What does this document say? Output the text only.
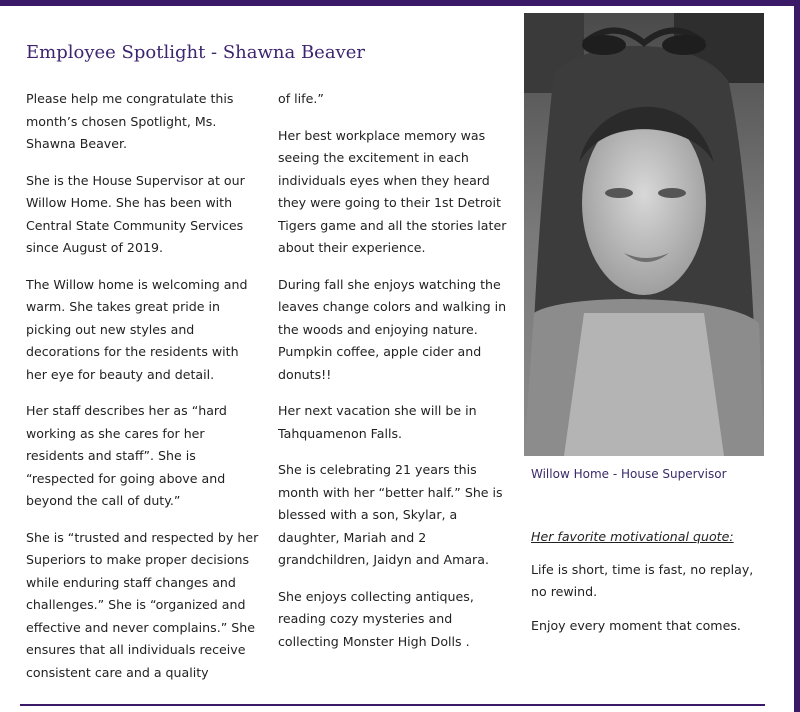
Employee Spotlight - Shawna Beaver

Please help me congratulate this month’s chosen Spotlight, Ms. Shawna Beaver.

She is the House Supervisor at our Willow Home. She has been with Central State Community Services since August of 2019.

The Willow home is welcoming and warm. She takes great pride in picking out new styles and decorations for the residents with her eye for beauty and detail.

Her staff describes her as “hard working as she cares for her residents and staff”. She is “respected for going above and beyond the call of duty.”

She is “trusted and respected by her Superiors to make proper decisions while enduring staff changes and challenges.” She is “organized and effective and never complains.” She ensures that all individuals receive consistent care and a quality

of life.”

Her best workplace memory was seeing the excitement in each individuals eyes when they heard they were going to their 1st Detroit Tigers game and all the stories later about their experience.

During fall she enjoys watching the leaves change colors and walking in the woods and enjoying nature. Pumpkin coffee, apple cider and donuts!!

Her next vacation she will be in Tahquamenon Falls.

She is celebrating 21 years this month with her “better half.” She is blessed with a son, Skylar, a daughter, Mariah and 2 grandchildren, Jaidyn and Amara.

She enjoys collecting antiques, reading cozy mysteries and collecting Monster High Dolls .

Willow Home - House Supervisor

Her favorite motivational quote:

Life is short, time is fast, no replay, no rewind.

Enjoy every moment that comes.
